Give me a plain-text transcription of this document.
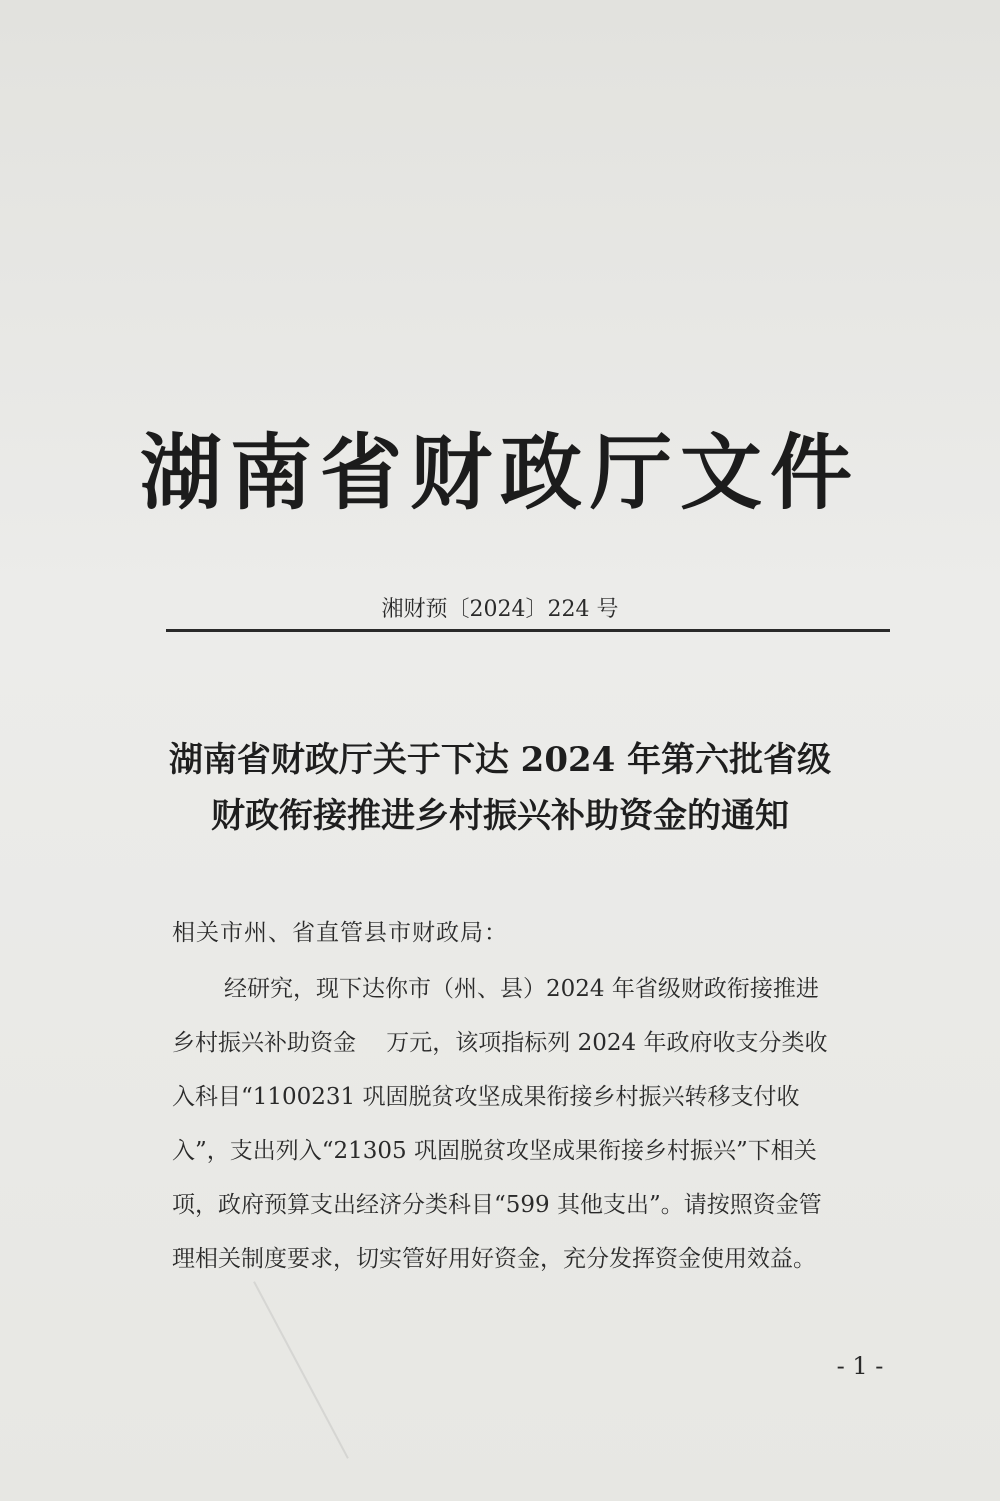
湖南省财政厅文件
湘财预〔2024〕224 号
湖南省财政厅关于下达 2024 年第六批省级
财政衔接推进乡村振兴补助资金的通知
相关市州、省直管县市财政局：
经研究，现下达你市（州、县）2024 年省级财政衔接推进
乡村振兴补助资金　 万元，该项指标列 2024 年政府收支分类收
入科目“1100231 巩固脱贫攻坚成果衔接乡村振兴转移支付收
入”，支出列入“21305 巩固脱贫攻坚成果衔接乡村振兴”下相关
项，政府预算支出经济分类科目“599 其他支出”。请按照资金管
理相关制度要求，切实管好用好资金，充分发挥资金使用效益。
- 1 -
